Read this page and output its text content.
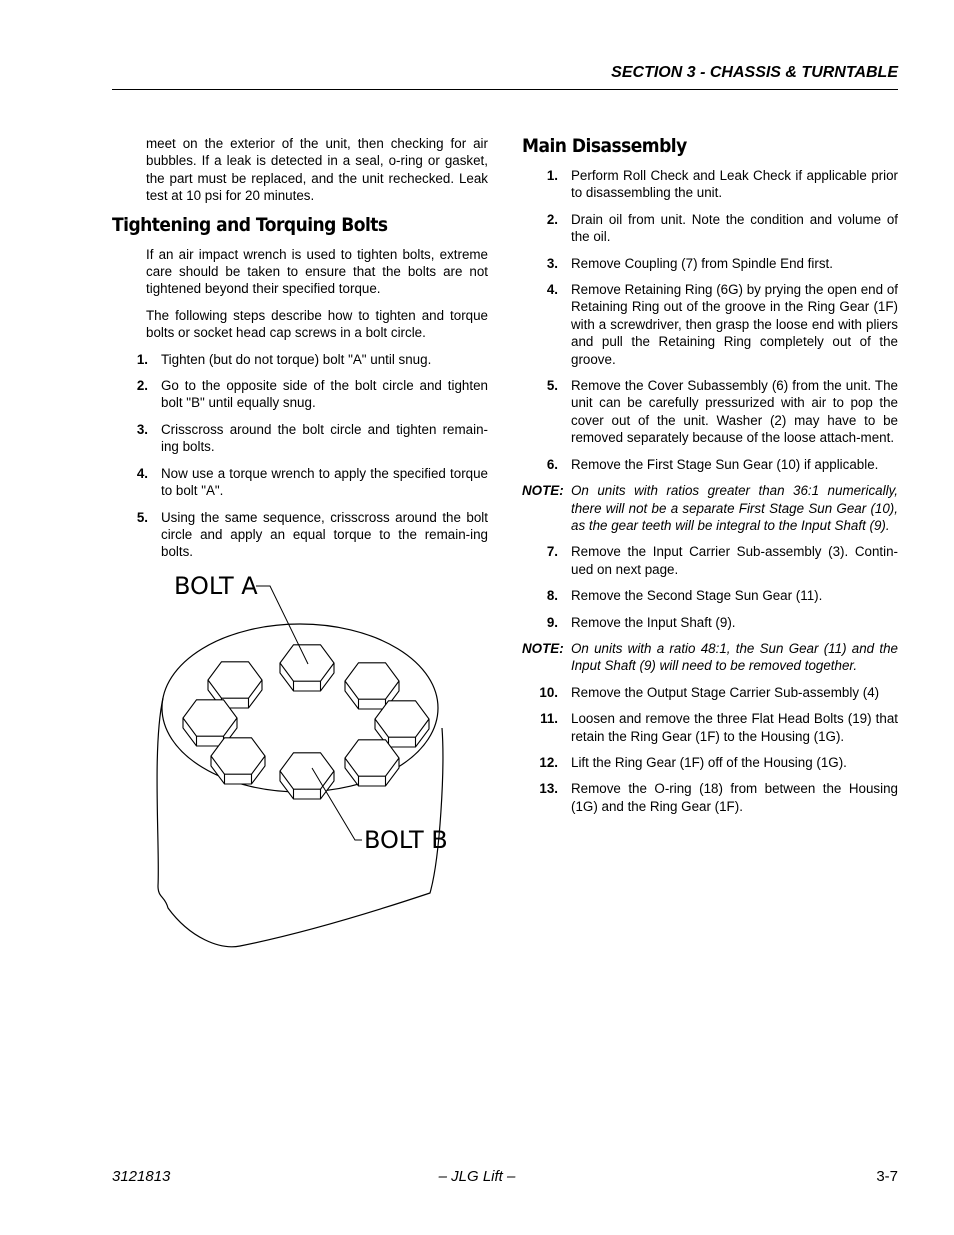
SECTION 3 - CHASSIS & TURNTABLE

meet on the exterior of the unit, then checking for air bubbles. If a leak is detected in a seal, o-ring or gasket, the part must be replaced, and the unit rechecked. Leak test at 10 psi for 20 minutes.

Tightening and Torquing Bolts

If an air impact wrench is used to tighten bolts, extreme care should be taken to ensure that the bolts are not tightened beyond their specified torque.

The following steps describe how to tighten and torque bolts or socket head cap screws in a bolt circle.

1. Tighten (but do not torque) bolt "A" until snug.
2. Go to the opposite side of the bolt circle and tighten bolt "B" until equally snug.
3. Crisscross around the bolt circle and tighten remain-ing bolts.
4. Now use a torque wrench to apply the specified torque to bolt "A".
5. Using the same sequence, crisscross around the bolt circle and apply an equal torque to the remain-ing bolts.
BOLT A
BOLT B
Main Disassembly
1. Perform Roll Check and Leak Check if applicable prior to disassembling the unit.
2. Drain oil from unit. Note the condition and volume of the oil.
3. Remove Coupling (7) from Spindle End first.
4. Remove Retaining Ring (6G) by prying the open end of Retaining Ring out of the groove in the Ring Gear (1F) with a screwdriver, then grasp the loose end with pliers and pull the Retaining Ring completely out of the groove.
5. Remove the Cover Subassembly (6) from the unit. The unit can be carefully pressurized with air to pop the cover out of the unit. Washer (2) may have to be removed separately because of the loose attach-ment.
6. Remove the First Stage Sun Gear (10) if applicable.

NOTE: On units with ratios greater than 36:1 numerically, there will not be a separate First Stage Sun Gear (10), as the gear teeth will be integral to the Input Shaft (9).

7. Remove the Input Carrier Sub-assembly (3). Contin-ued on next page.
8. Remove the Second Stage Sun Gear (11).
9. Remove the Input Shaft (9).

NOTE: On units with a ratio 48:1, the Sun Gear (11) and the Input Shaft (9) will need to be removed together.

10. Remove the Output Stage Carrier Sub-assembly (4)
11. Loosen and remove the three Flat Head Bolts (19) that retain the Ring Gear (1F) to the Housing (1G).
12. Lift the Ring Gear (1F) off of the Housing (1G).
13. Remove the O-ring (18) from between the Housing (1G) and the Ring Gear (1F).
3121813	– JLG Lift –	3-7
